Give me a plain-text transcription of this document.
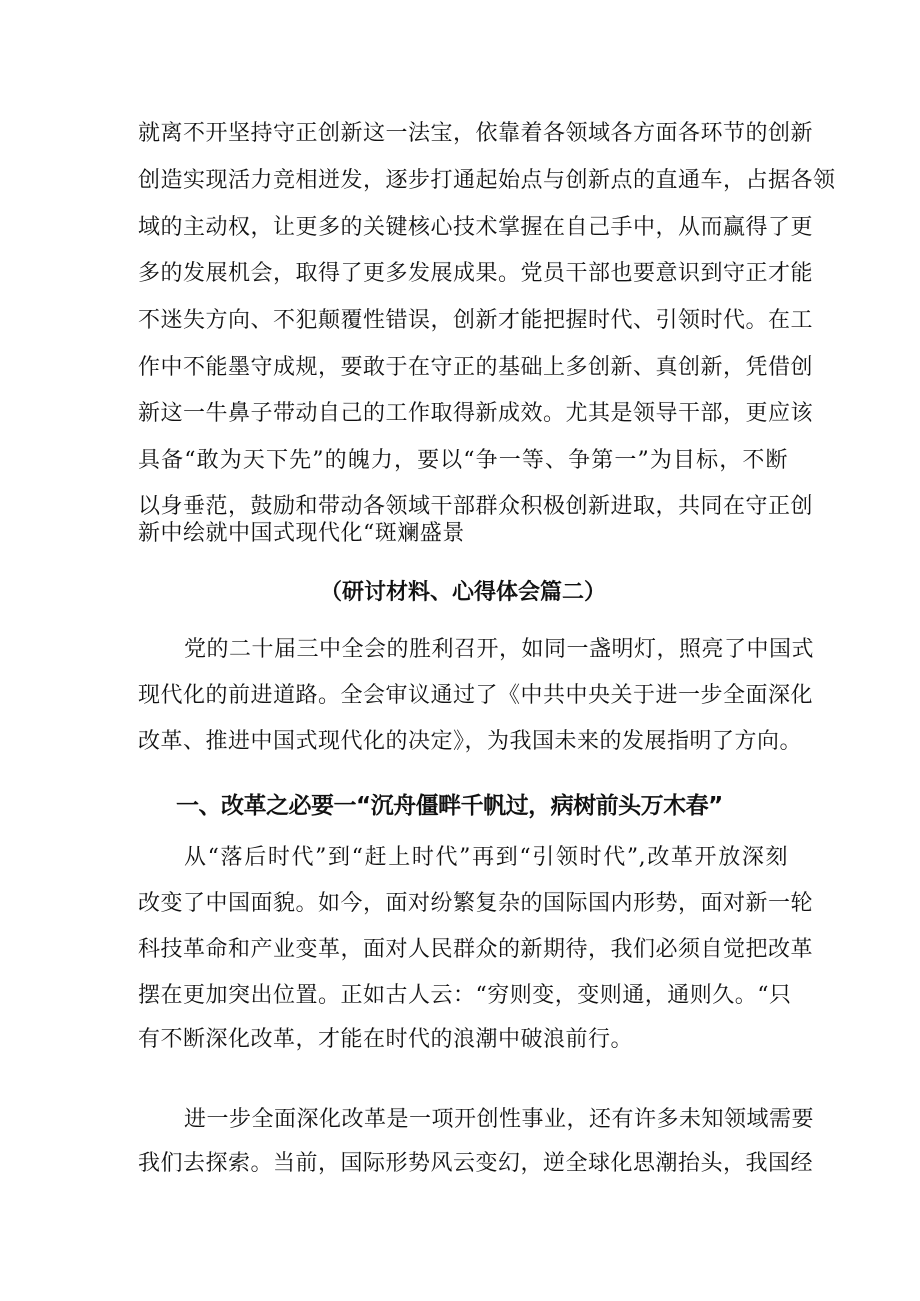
就离不开坚持守正创新这一法宝，依靠着各领域各方面各环节的创新
创造实现活力竞相迸发，逐步打通起始点与创新点的直通车，占据各领
域的主动权，让更多的关键核心技术掌握在自己手中，从而赢得了更
多的发展机会，取得了更多发展成果。党员干部也要意识到守正才能
不迷失方向、不犯颠覆性错误，创新才能把握时代、引领时代。在工
作中不能墨守成规，要敢于在守正的基础上多创新、真创新，凭借创
新这一牛鼻子带动自己的工作取得新成效。尤其是领导干部，更应该
具备“敢为天下先”的魄力，要以“争一等、争第一”为目标，不断
以身垂范，鼓励和带动各领域干部群众积极创新进取，共同在守正创
新中绘就中国式现代化“斑斓盛景
（研讨材料、心得体会篇二）
党的二十届三中全会的胜利召开，如同一盏明灯，照亮了中国式
现代化的前进道路。全会审议通过了《中共中央关于进一步全面深化
改革、推进中国式现代化的决定》，为我国未来的发展指明了方向。
一、改革之必要一“沉舟僵畔千帆过，病树前头万木春”
从“落后时代”到“赶上时代”再到“引领时代”,改革开放深刻
改变了中国面貌。如今，面对纷繁复杂的国际国内形势，面对新一轮
科技革命和产业变革，面对人民群众的新期待，我们必须自觉把改革
摆在更加突出位置。正如古人云：“穷则变，变则通，通则久。“只
有不断深化改革，才能在时代的浪潮中破浪前行。
进一步全面深化改革是一项开创性事业，还有许多未知领域需要
我们去探索。当前，国际形势风云变幻，逆全球化思潮抬头，我国经
